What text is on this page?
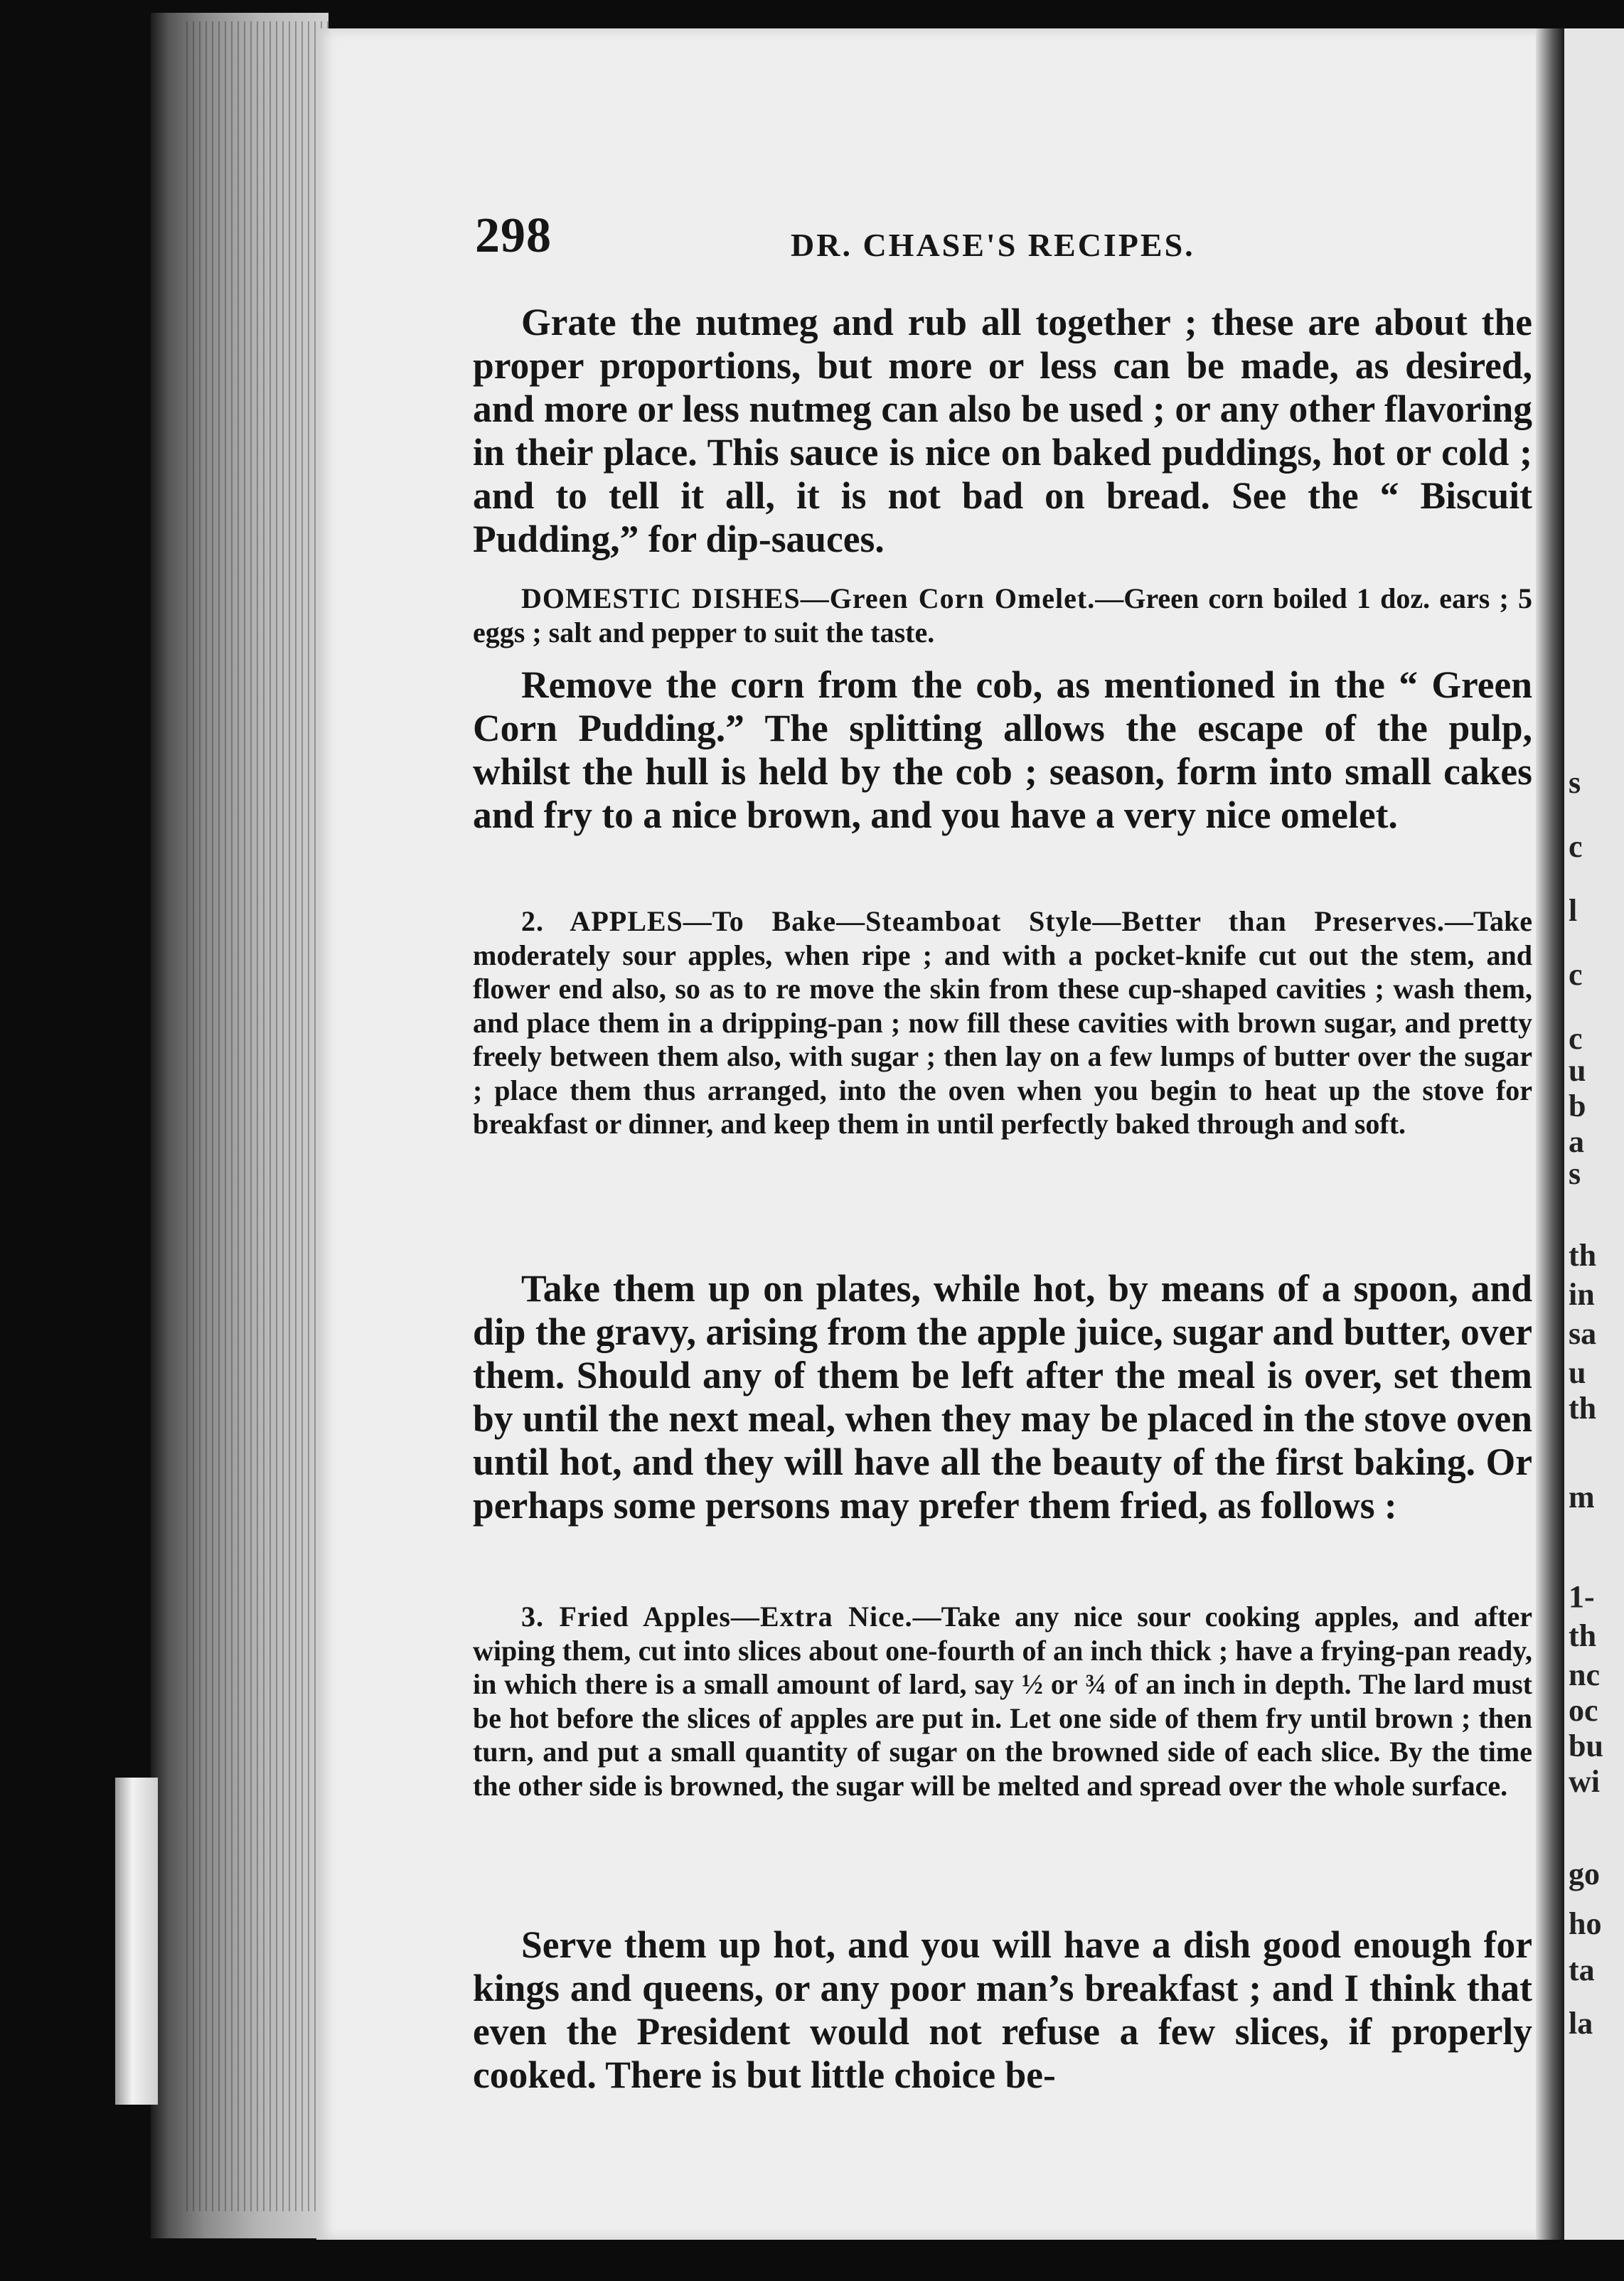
s
c
l
c
c
u
b
a
s
th
in
sa
u
th
m
1-
th
nc
oc
bu
wi
go
ho
ta
la
298	DR. CHASE'S RECIPES.
Grate the nutmeg and rub all together ; these are about the proper proportions, but more or less can be made, as desired, and more or less nutmeg can also be used ; or any other flavoring in their place. This sauce is nice on baked puddings, hot or cold ; and to tell it all, it is not bad on bread. See the “ Biscuit Pudding,” for dip-sauces.
DOMESTIC DISHES—Green Corn Omelet.—Green corn boiled 1 doz. ears ; 5 eggs ; salt and pepper to suit the taste.
Remove the corn from the cob, as mentioned in the “ Green Corn Pudding.” The splitting allows the escape of the pulp, whilst the hull is held by the cob ; season, form into small cakes and fry to a nice brown, and you have a very nice omelet.
2. APPLES—To Bake—Steamboat Style—Better than Preserves.—Take moderately sour apples, when ripe ; and with a pocket-knife cut out the stem, and flower end also, so as to re move the skin from these cup-shaped cavities ; wash them, and place them in a dripping-pan ; now fill these cavities with brown sugar, and pretty freely between them also, with sugar ; then lay on a few lumps of butter over the sugar ; place them thus arranged, into the oven when you begin to heat up the stove for breakfast or dinner, and keep them in until perfectly baked through and soft.
Take them up on plates, while hot, by means of a spoon, and dip the gravy, arising from the apple juice, sugar and butter, over them. Should any of them be left after the meal is over, set them by until the next meal, when they may be placed in the stove oven until hot, and they will have all the beauty of the first baking. Or perhaps some persons may prefer them fried, as follows :
3. Fried Apples—Extra Nice.—Take any nice sour cooking apples, and after wiping them, cut into slices about one-fourth of an inch thick ; have a frying-pan ready, in which there is a small amount of lard, say ½ or ¾ of an inch in depth. The lard must be hot before the slices of apples are put in. Let one side of them fry until brown ; then turn, and put a small quantity of sugar on the browned side of each slice. By the time the other side is browned, the sugar will be melted and spread over the whole surface.
Serve them up hot, and you will have a dish good enough for kings and queens, or any poor man’s breakfast ; and I think that even the President would not refuse a few slices, if properly cooked. There is but little choice be-
